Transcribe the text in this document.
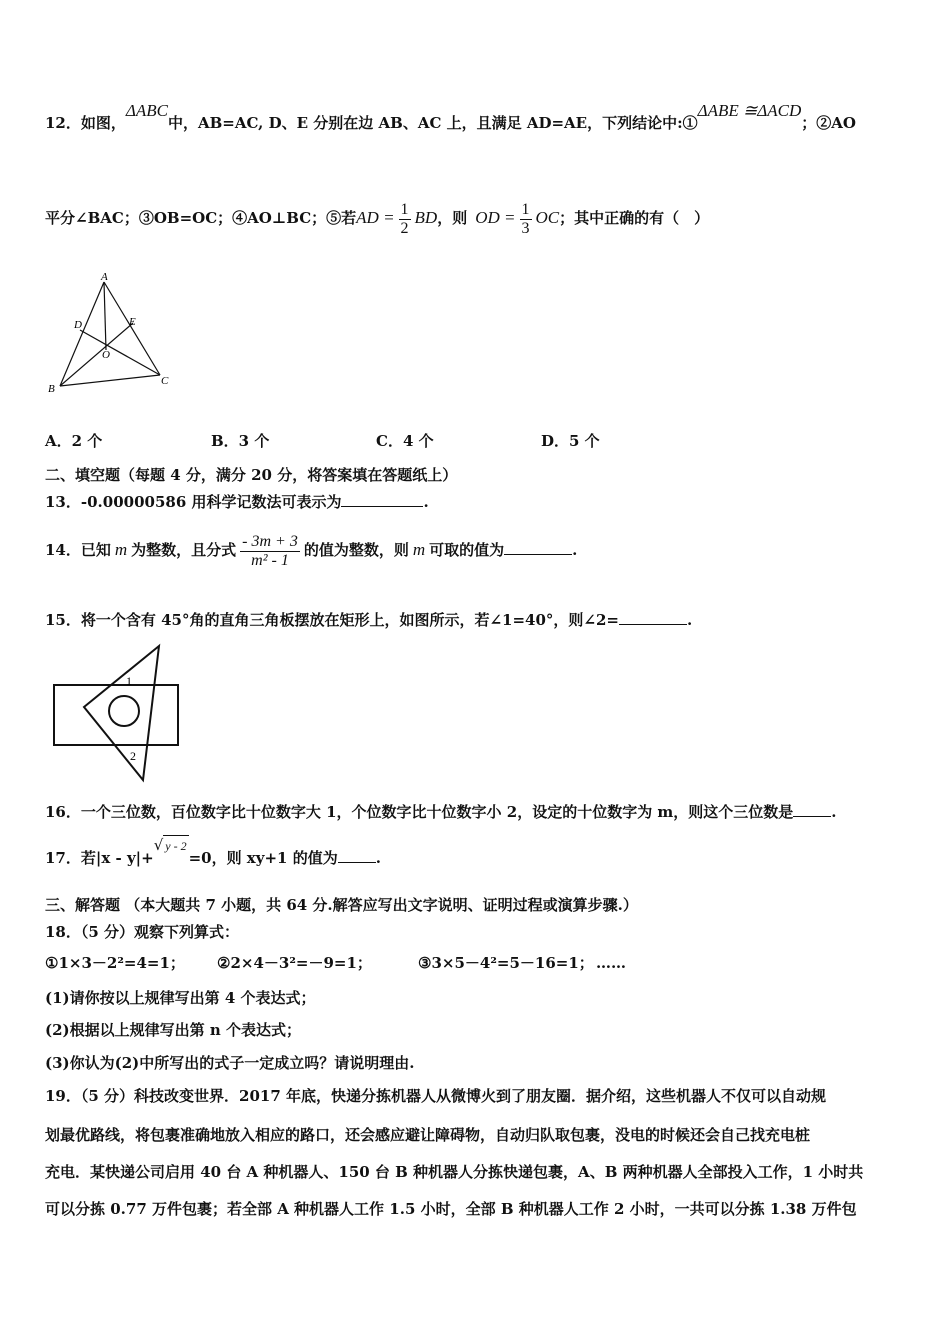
12．如图，ΔABC中，AB=AC, D、E 分别在边 AB、AC 上，且满足 AD=AE，下列结论中:①ΔABE ≅ΔACD；②AO
平分∠BAC；③OB=OC；④AO⊥BC；⑤若AD = $\frac{1}{2}$ BD，则 OD = $\frac{1}{3}$ OC；其中正确的有（　）
A
D	E
O
B
C
A．2 个	B．3 个	C．4 个	D．5 个
二、填空题（每题 4 分，满分 20 分，将答案填在答题纸上）
13．-0.00000586 用科学记数法可表示为	.
14．已知 m 为整数，且分式 $\frac{- 3m + 3}{\text{m² - 1}}$ 的值为整数，则 m 可取的值为	.
15．将一个含有 45°角的直角三角板摆放在矩形上，如图所示，若∠1=40°，则∠2=	.
1
2
16．一个三位数，百位数字比十位数字大 1，个位数字比十位数字小 2，设定的十位数字为 m，则这个三位数是	.
17．若|x - y|+√ y - 2=0，则 xy+1 的值为	.
三、解答题 （本大题共 7 小题，共 64 分.解答应写出文字说明、证明过程或演算步骤.）
18．（5 分）观察下列算式：
①1×3－2²=4=1； ②2×4－3²=－9=1；	③3×5－4²=5－16=1； ……
(1)请你按以上规律写出第 4 个表达式；
(2)根据以上规律写出第 n 个表达式；
(3)你认为(2)中所写出的式子一定成立吗？请说明理由.
19．（5 分）科技改变世界．2017 年底，快递分拣机器人从微博火到了朋友圈．据介绍，这些机器人不仅可以自动规
划最优路线，将包裹准确地放入相应的路口，还会感应避让障碍物，自动归队取包裹，没电的时候还会自己找充电桩
充电．某快递公司启用 40 台 A 种机器人、150 台 B 种机器人分拣快递包裹，A、B 两种机器人全部投入工作，1 小时共
可以分拣 0.77 万件包裹；若全部 A 种机器人工作 1.5 小时，全部 B 种机器人工作 2 小时，一共可以分拣 1.38 万件包
